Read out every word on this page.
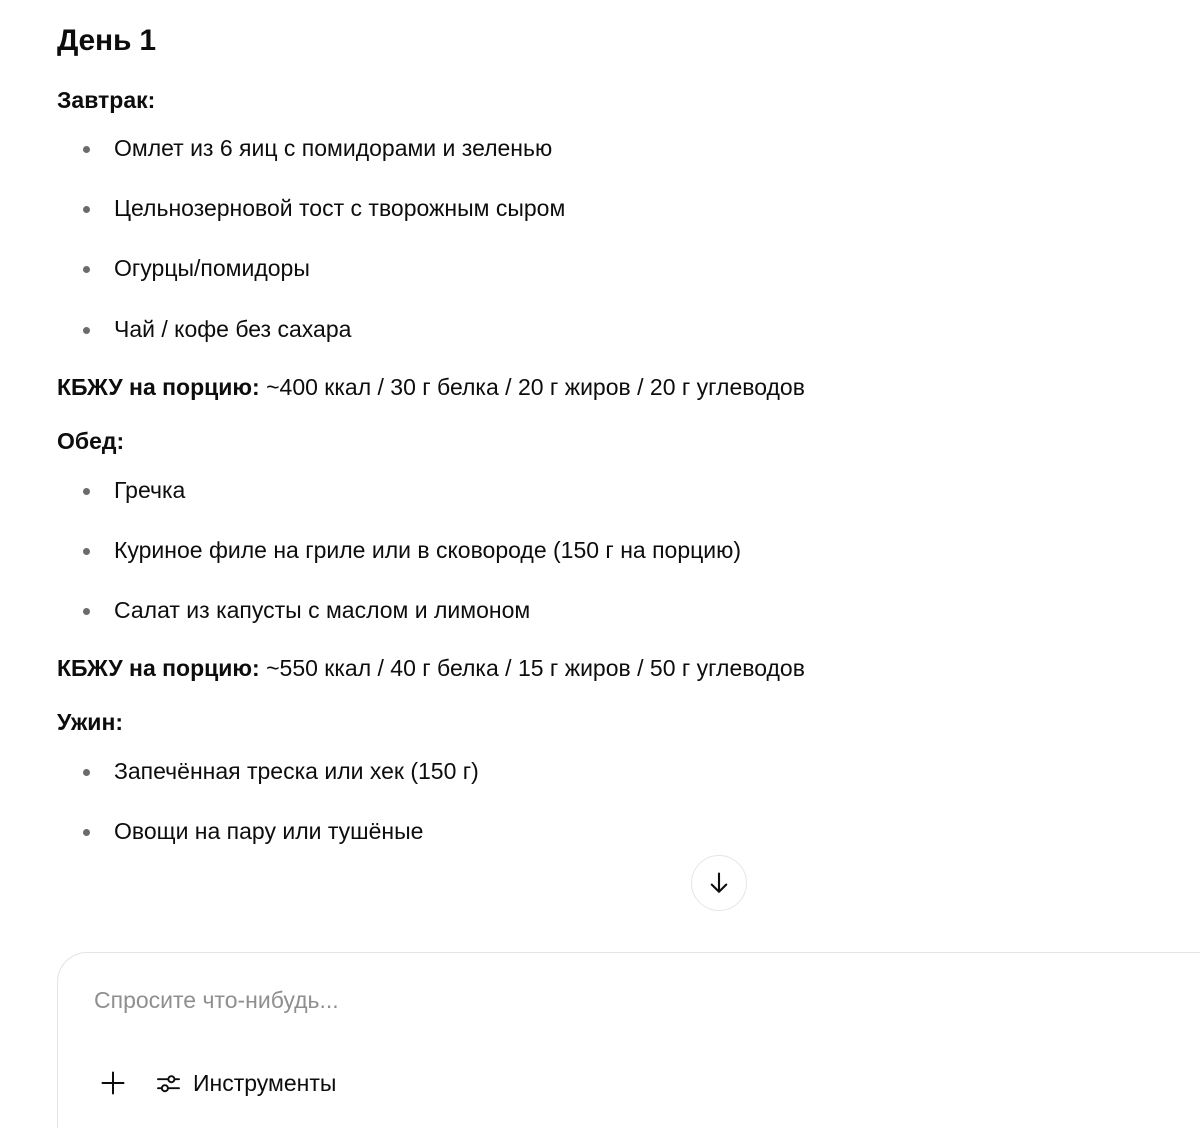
День 1
Завтрак:
Омлет из 6 яиц с помидорами и зеленью
Цельнозерновой тост с творожным сыром
Огурцы/помидоры
Чай / кофе без сахара

КБЖУ на порцию: ~400 ккал / 30 г белка / 20 г жиров / 20 г углеводов

Обед:
Гречка
Куриное филе на гриле или в сковороде (150 г на порцию)
Салат из капусты с маслом и лимоном

КБЖУ на порцию: ~550 ккал / 40 г белка / 15 г жиров / 50 г углеводов

Ужин:
Запечённая треска или хек (150 г)
Овощи на пару или тушёные
Спросите что-нибудь...
Инструменты
